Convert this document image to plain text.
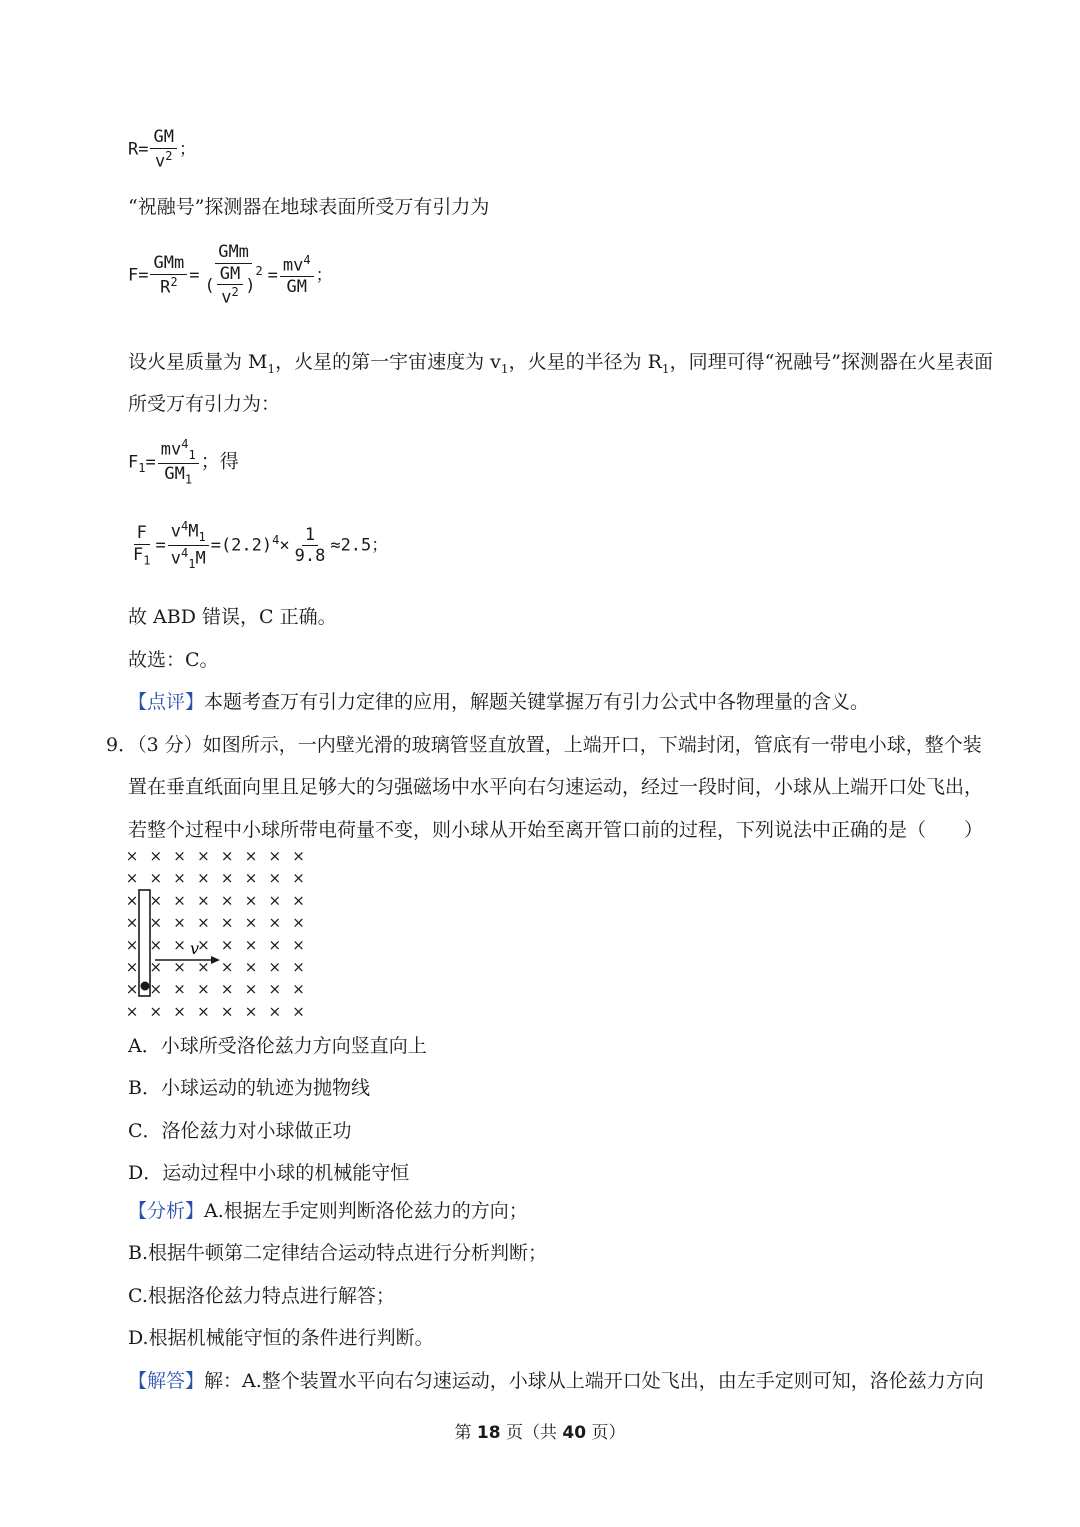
$R= \frac{GM}{v^2}$ ；
“祝融号”探测器在地球表面所受万有引力为
$F= \frac{\text{GMm}}{R^2}$ = GMm
( $\frac{GM}{v^2}$ )
$^2 = \frac{mv^4}{GM}$ ；
设火星质量为 $M_1$，火星的第一宇宙速度为 $v_1$，火星的半径为 $R_1$，同理可得“祝融号”探测器在火星表面
所受万有引力为：
$F_1= \frac{mv^4_1}{GM_1}$ ；得
$\frac{F}{F_1} = \frac{v^4M_1}{v^4_1M} =(2.2)^4\times \frac{1}{9.8} \approx 2.5$；
故 ABD 错误，C 正确。
故选：C。
【点评】本题考查万有引力定律的应用，解题关键掌握万有引力公式中各物理量的含义。
9．（3 分）如图所示，一内壁光滑的玻璃管竖直放置，上端开口，下端封闭，管底有一带电小球，整个装
置在垂直纸面向里且足够大的匀强磁场中水平向右匀速运动，经过一段时间，小球从上端开口处飞出，
若整个过程中小球所带电荷量不变，则小球从开始至离开管口前的过程，下列说法中正确的是（　　）
× × × × × × × ×
× × × × × × × ×
× × × × × × × ×
× × × × × × × ×
× × × × × × × ×
× × × × × × × ×
× × × × × × × ×
× × × × × × × ×
v
A．小球所受洛伦兹力方向竖直向上
B．小球运动的轨迹为抛物线
C．洛伦兹力对小球做正功
D．运动过程中小球的机械能守恒
【分析】A.根据左手定则判断洛伦兹力的方向；
B.根据牛顿第二定律结合运动特点进行分析判断；
C.根据洛伦兹力特点进行解答；
D.根据机械能守恒的条件进行判断。
【解答】解：A.整个装置水平向右匀速运动，小球从上端开口处飞出，由左手定则可知，洛伦兹力方向
第 18 页（共 40 页）
